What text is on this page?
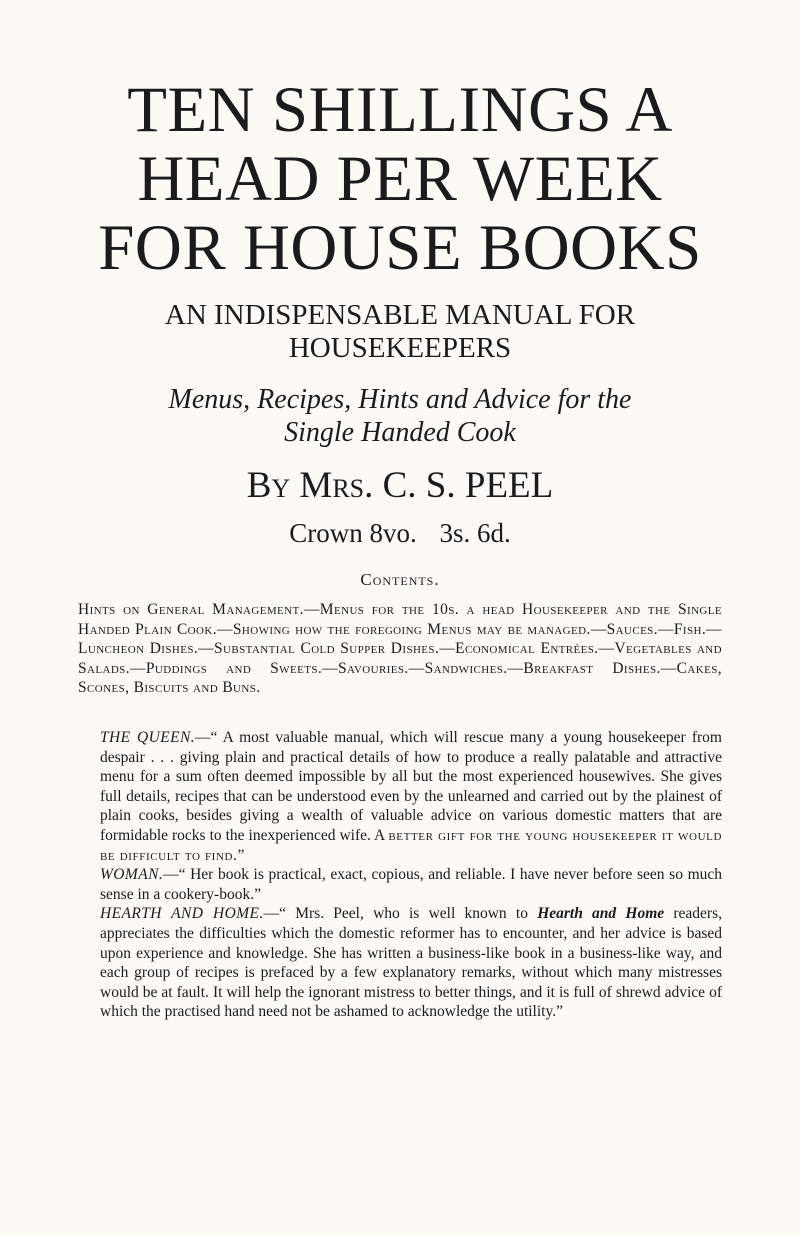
TEN SHILLINGS A
HEAD PER WEEK
FOR HOUSE BOOKS
AN INDISPENSABLE MANUAL FOR
HOUSEKEEPERS
Menus, Recipes, Hints and Advice for the
Single Handed Cook
By Mrs. C. S. PEEL
Crown 8vo. 3s. 6d.
Contents.

Hints on General Management.—Menus for the 10s. a head Housekeeper and the Single Handed Plain Cook.—Showing how the foregoing Menus may be managed.—Sauces.—Fish.—Luncheon Dishes.—Substantial Cold Supper Dishes.—Economical Entrées.—Vegetables and Salads.—Puddings and Sweets.—Savouries.—Sandwiches.—Breakfast Dishes.—Cakes, Scones, Biscuits and Buns.

THE QUEEN.—“ A most valuable manual, which will rescue many a young housekeeper from despair . . . giving plain and practical details of how to produce a really palatable and attractive menu for a sum often deemed impossible by all but the most experienced housewives. She gives full details, recipes that can be understood even by the unlearned and carried out by the plainest of plain cooks, besides giving a wealth of valuable advice on various domestic matters that are formidable rocks to the inexperienced wife. A better gift for the young housekeeper it would be difficult to find.”

WOMAN.—“ Her book is practical, exact, copious, and reliable. I have never before seen so much sense in a cookery-book.”

HEARTH AND HOME.—“ Mrs. Peel, who is well known to Hearth and Home readers, appreciates the difficulties which the domestic reformer has to encounter, and her advice is based upon experience and knowledge. She has written a business-like book in a business-like way, and each group of recipes is prefaced by a few explanatory remarks, without which many mistresses would be at fault. It will help the ignorant mistress to better things, and it is full of shrewd advice of which the practised hand need not be ashamed to acknowledge the utility.”
